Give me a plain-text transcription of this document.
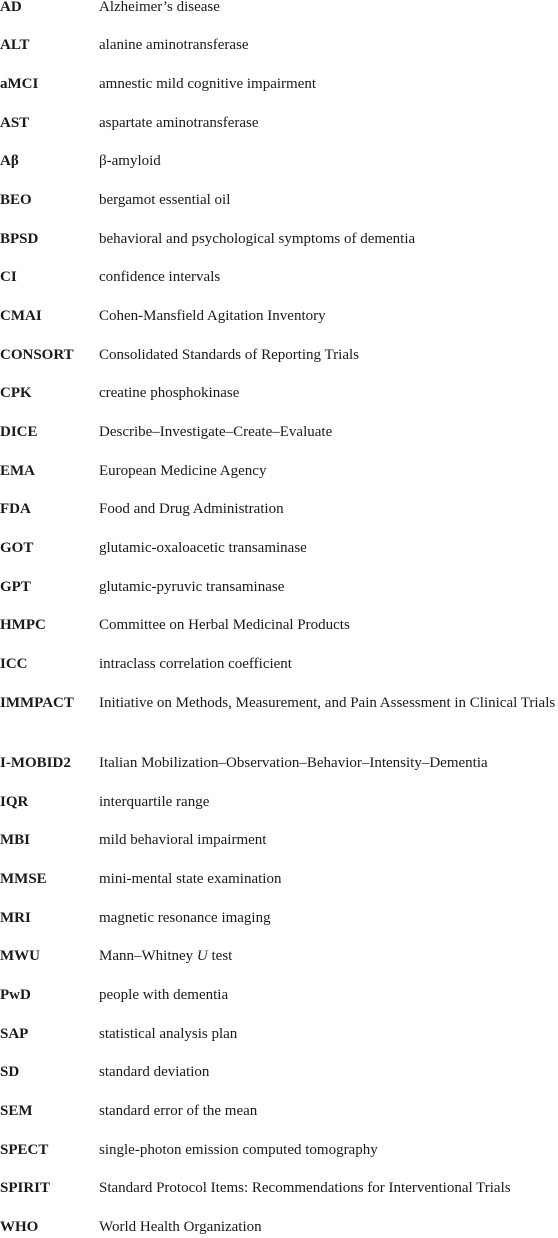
AD	Alzheimer’s disease
ALT	alanine aminotransferase
aMCI	amnestic mild cognitive impairment
AST	aspartate aminotransferase
Aβ	β-amyloid
BEO	bergamot essential oil
BPSD	behavioral and psychological symptoms of dementia
CI	confidence intervals
CMAI	Cohen-Mansfield Agitation Inventory
CONSORT	Consolidated Standards of Reporting Trials
CPK	creatine phosphokinase
DICE	Describe–Investigate–Create–Evaluate
EMA	European Medicine Agency
FDA	Food and Drug Administration
GOT	glutamic-oxaloacetic transaminase
GPT	glutamic-pyruvic transaminase
HMPC	Committee on Herbal Medicinal Products
ICC	intraclass correlation coefficient
IMMPACT	Initiative on Methods, Measurement, and Pain Assessment in Clinical Trials
I-MOBID2	Italian Mobilization–Observation–Behavior–Intensity–Dementia
IQR	interquartile range
MBI	mild behavioral impairment
MMSE	mini-mental state examination
MRI	magnetic resonance imaging
MWU	Mann–Whitney U test
PwD	people with dementia
SAP	statistical analysis plan
SD	standard deviation
SEM	standard error of the mean
SPECT	single-photon emission computed tomography
SPIRIT	Standard Protocol Items: Recommendations for Interventional Trials
WHO	World Health Organization
